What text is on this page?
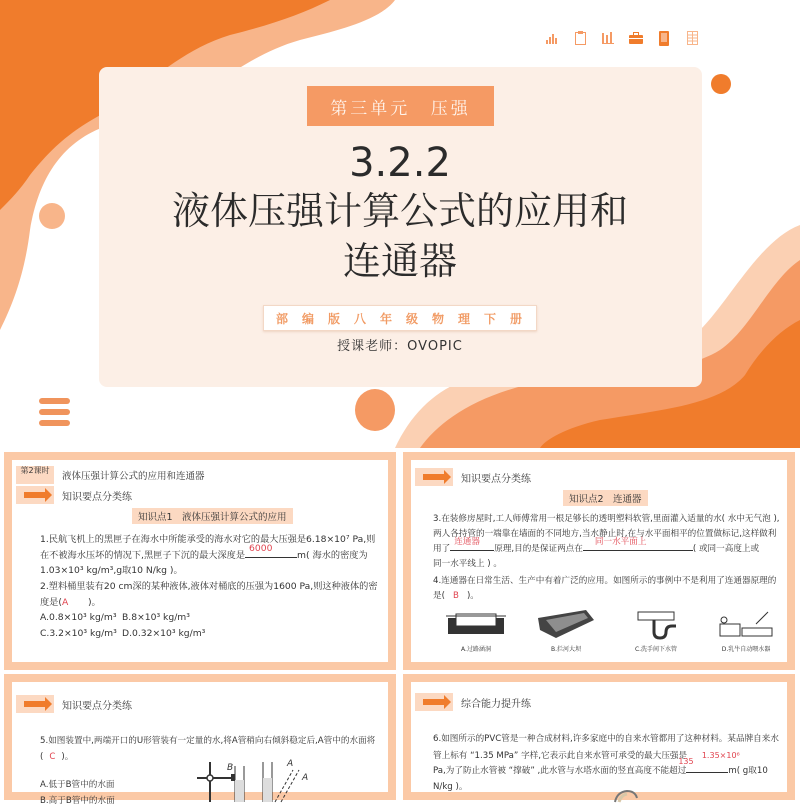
第三单元 压强
3.2.2
液体压强计算公式的应用和
连通器
部编版八年级物理下册
授课老师：OVOPIC
第2课时
液体压强计算公式的应用和连通器
知识要点分类练
知识点1　液体压强计算公式的应用
1.民航飞机上的黑匣子在海水中所能承受的海水对它的最大压强是6.18×10⁷ Pa,则
在不被海水压坏的情况下,黑匣子下沉的最大深度是
6000
m( 海水的密度为
1.03×10³ kg/m³,g取10 N/kg )。
2.塑料桶里装有20 cm深的某种液体,液体对桶底的压强为1600 Pa,则这种液体的密
度是(A )。
A.0.8×10³ kg/m³ B.8×10³ kg/m³
C.3.2×10³ kg/m³ D.0.32×10³ kg/m³
知识要点分类练
知识点2　连通器
3.在装修房屋时,工人师傅常用一根足够长的透明塑料软管,里面灌入适量的水( 水中无气泡 ),
两人各持管的一端靠在墙面的不同地方,当水静止时,在与水平面相平的位置做标记,这样做利
用了
连通器
原理,目的是保证两点在
同一水平面上
( 或同一高度上或
同一水平线上 ) 。
4.连通器在日常生活、生产中有着广泛的应用。如图所示的事例中不是利用了连通器原理的
是( B )。
A.过路涵洞	B.拦河大坝	C.洗手间下水管	D.乳牛自动喂水器
知识要点分类练
5.如图装置中,两端开口的U形管装有一定量的水,将A管稍向右倾斜稳定后,A管中的水面将
( C )。
A.低于B管中的水面
B.高于B管中的水面
B	A
A
综合能力提升练
6.如图所示的PVC管是一种合成材料,许多家庭中的自来水管都用了这种材料。某品牌自来水
管上标有 “1.35 MPa” 字样,它表示此自来水管可承受的最大压强是 1.35×10⁶
Pa,为了防止水管被 “撑破” ,此水管与水塔水面的竖直高度不能超过
135
m( g取10
N/kg )。
